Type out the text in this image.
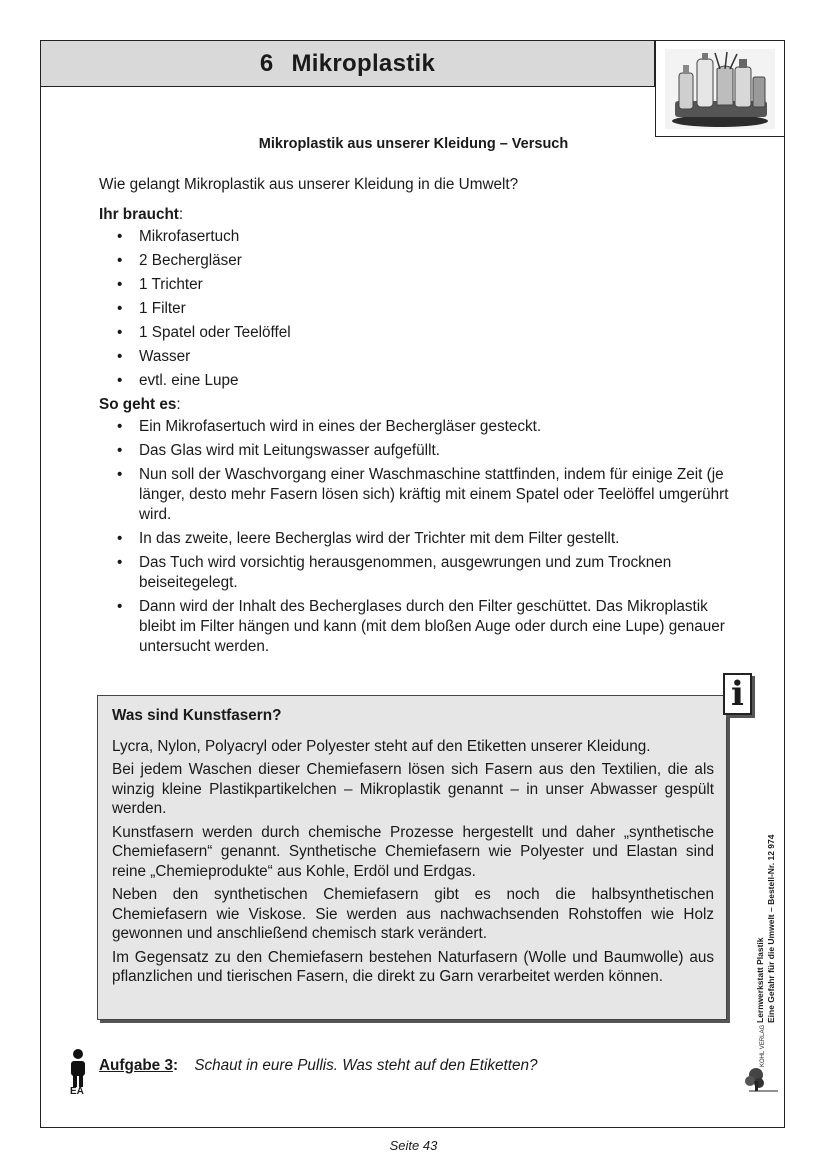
6 Mikroplastik
Mikroplastik aus unserer Kleidung – Versuch

Wie gelangt Mikroplastik aus unserer Kleidung in die Umwelt?

Ihr braucht:

• Mikrofasertuch
• 2 Bechergläser
• 1 Trichter
• 1 Filter
• 1 Spatel oder Teelöffel
• Wasser
• evtl. eine Lupe

So geht es:

• Ein Mikrofasertuch wird in eines der Bechergläser gesteckt.
• Das Glas wird mit Leitungswasser aufgefüllt.
• Nun soll der Waschvorgang einer Waschmaschine stattfinden, indem für einige Zeit (je länger, desto mehr Fasern lösen sich) kräftig mit einem Spatel oder Teelöffel umgerührt wird.
• In das zweite, leere Becherglas wird der Trichter mit dem Filter gestellt.
• Das Tuch wird vorsichtig herausgenommen, ausgewrungen und zum Trocknen beiseitegelegt.
• Dann wird der Inhalt des Becherglases durch den Filter geschüttet. Das Mikroplastik bleibt im Filter hängen und kann (mit dem bloßen Auge oder durch eine Lupe) genauer untersucht werden.
Was sind Kunstfasern?

Lycra, Nylon, Polyacryl oder Polyester steht auf den Etiketten unserer Kleidung.

Bei jedem Waschen dieser Chemiefasern lösen sich Fasern aus den Textilien, die als winzig kleine Plastikpartikelchen – Mikroplastik genannt – in unser Abwasser gespült werden.

Kunstfasern werden durch chemische Prozesse hergestellt und daher „synthetische Chemiefasern“ genannt. Synthetische Chemiefasern wie Polyester und Elastan sind reine „Chemieprodukte“ aus Kohle, Erdöl und Erdgas.

Neben den synthetischen Chemiefasern gibt es noch die halbsynthetischen Chemiefasern wie Viskose. Sie werden aus nachwachsenden Rohstoffen wie Holz gewonnen und anschließend chemisch stark verändert.

Im Gegensatz zu den Chemiefasern bestehen Naturfasern (Wolle und Baumwolle) aus pflanzlichen und tierischen Fasern, die direkt zu Garn verarbeitet werden können.

i
EA
Aufgabe 3: Schaut in eure Pullis. Was steht auf den Etiketten?
Lernwerkstatt Plastik Eine Gefahr für die Umwelt – Bestell-Nr. 12 974
KOHL VERLAG
Seite 43
